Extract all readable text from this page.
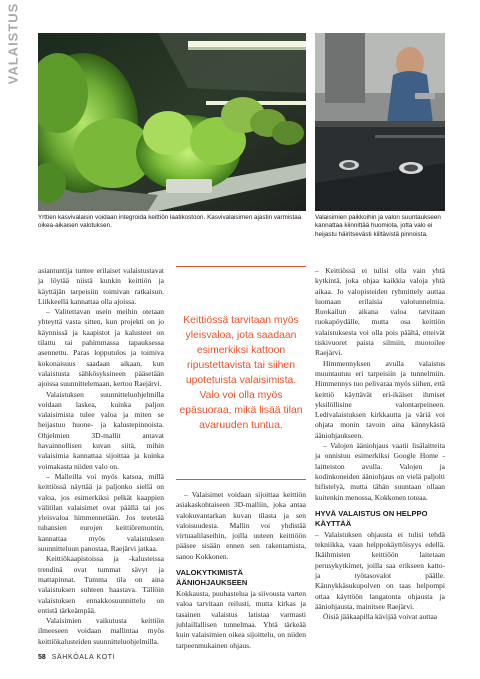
VALAISTUS
Yrttien kasvivalaisin voidaan integroida keittiön laatikostoon. Kasvivalaisimen ajastin varmistaa oikea-aikaisen valotuksen.
Valaisimien paikkoihin ja valon suuntaukseen kannattaa kiinnittää huomiota, jotta valo ei heijastu häiritsevästi kiiltävistä pinnoista.

asiantuntija tuntee erilaiset valaistustavat ja löytää niistä kunkin keittiön ja käyttäjän tarpeisiin toimivan ratkaisun. Liikkeellä kannattaa olla ajoissa.

– Valitettavan usein meihin otetaan yhteyttä vasta sitten, kun projekti on jo käynnissä ja kaapistot ja kalusteet on tilattu tai pahimmassa tapauksessa asennettu. Paras lopputulos ja toimiva kokonaisuus saadaan aikaan, kun valaistusta sähkösyksineen pääsetään ajoissa suunnittelemaan, kertoo Raejärvi.

Valaistuksen suunnitteluohjelmilla voidaan laskea, kuinka paljon valaisimista tulee valoa ja miten se heijastuu huone- ja kalustepinnoista. Ohjelmien 3D-mallit antavat havainnollisen kuvan siitä, mihin valaisimia kannattaa sijoittaa ja kuinka voimakasta niiden valo on.

– Malleilla voi myös katsoa, millä keittiössä näyttää ja paljonko siellä on valoa, jos esimerkiksi pelkät kaappien välitilan valaisimet ovat päällä tai jos yleisvaloa himmennetään. Jos teetetää tuhansien eurojen keittiöremontin, kannattaa myös valaistuksen suunnitteluun panostaa, Raejärvi jatkaa.

Keittiökaapistoissa ja -kalusteissa trendinä ovat tummat sävyt ja mattapinnat. Tumma tila on aina valaistuksen suhteen haastava. Tällöin valaistuksen ennakkosuunnittelu on entistä tärkeämpää.

Valaisimien vaikutusta keittiön ilmeeseen voidaan mallintaa myös keittiökalusteiden suunnitteluohjelmilla.

Keittiössä tarvitaan myös yleisvaloa, jota saadaan esimerkiksi kattoon ripustettavista tai siihen upotetuista valaisimista. Valo voi olla myös epäsuoraa, mikä lisää tilan avaruuden tuntua.

– Valaisimet voidaan sijoittaa keittiön asiakaskohtaiseen 3D-malliin, joka antaa valokuvantarkan kuvan tilasta ja sen valoisuudesta. Mallin voi yhdistää virtuaalilaseihin, joilla uuteen keittiöön pääsee sisään ennen sen rakentamista, sanoo Kokkonen.

VALOKYTKIMISTÄ ÄÄNIOHJAUKSEEN

Kokkausta, puuhastelua ja siivousta varten valoa tarvitaan reilusti, mutta kirkas ja tasainen valaistus latistaa varmasti juhlaillallisen tunnelmaa. Yhtä tärkeää kuin valaisimien oikea sijoittelu, on niiden tarpeenmukainen ohjaus.

– Keittiössä ei tulisi olla vain yhtä kytkintä, joka ohjaa kaikkia valoja yhtä aikaa. Jo valopisteiden ryhmittely auttaa luomaan erilaisia valotunnelmia. Ruokailun aikana valoa tarvitaan ruokapöydälle, mutta osa keittiön valaistuksesta voi olla pois päältä, etteivät tiskivuoret paista silmiin, muotoilee Raejärvi.

Himmennyksen avulla valaistus muuntautuu eri tarpeisiin ja tunnelmiin. Himmennys tuo pelivaraa myös siihen, että keittiö käyttävät eri-ikäiset ihmiset yksilöllisine valontarpeineen. Ledivalaistuksen kirkkautta ja väriä voi ohjata monin tavoin aina kännykästä ääniohjaukseen.

– Valojen ääniohjaus vaatii lisälaitteita ja onnistuu esimerkiksi Google Home -laitteiston avulla. Valojen ja kodinkoneiden ääniohjaus on vielä paljolti hifistelyä, mutta tähän suuntaan ollaan kuitenkin menossa, Kokkonen toteaa.

HYVÄ VALAISTUS ON HELPPO KÄYTTÄÄ

– Valaistuksen ohjausta ei tulisi tehdä tekniikka, vaan helppokäyttöisyys edellä. Ikäihmisten keittiöön laitetaan perusykytkimet, joilla saa erikseen katto- ja työtasovalot päälle. Kännykkäsukupolven on taas helpompi ottaa käyttöön langatonta ohjausta ja ääniohjausta, mainitsee Raejärvi.

Öisiä jääkaapilla kävijää voivat auttaa

58 SÄHKÖALA KOTI
